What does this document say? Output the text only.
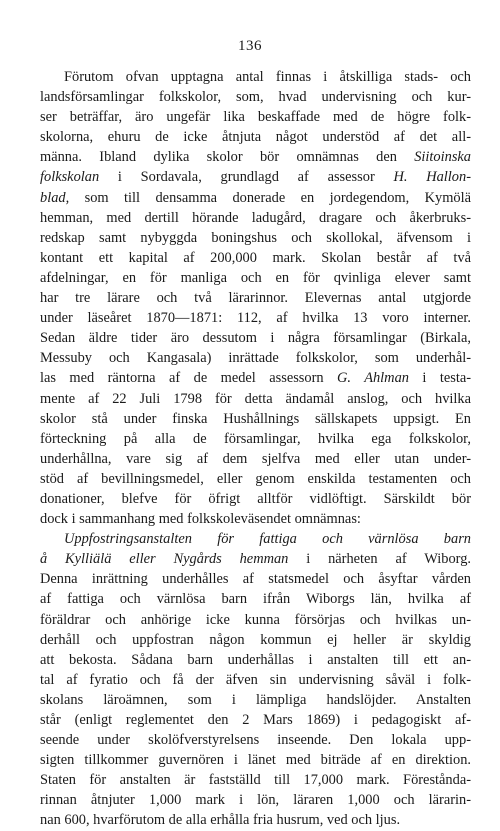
136
Förutom ofvan upptagna antal finnas i åtskilliga stads- och
landsförsamlingar folkskolor, som, hvad undervisning och kur-
ser beträffar, äro ungefär lika beskaffade med de högre folk-
skolorna, ehuru de icke åtnjuta något understöd af det all-
männa. Ibland dylika skolor bör omnämnas den Siitoinska
folkskolan i Sordavala, grundlagd af assessor H. Hallon-
blad, som till densamma donerade en jordegendom, Kymölä
hemman, med dertill hörande ladugård, dragare och åkerbruks-
redskap samt nybyggda boningshus och skollokal, äfvensom i
kontant ett kapital af 200,000 mark. Skolan består af två
afdelningar, en för manliga och en för qvinliga elever samt
har tre lärare och två lärarinnor. Elevernas antal utgjorde
under läseåret 1870—1871: 112, af hvilka 13 voro interner.
Sedan äldre tider äro dessutom i några församlingar (Birkala,
Messuby och Kangasala) inrättade folkskolor, som underhål-
las med räntorna af de medel assessorn G. Ahlman i testa-
mente af 22 Juli 1798 för detta ändamål anslog, och hvilka
skolor stå under finska Hushållnings sällskapets uppsigt. En
förteckning på alla de församlingar, hvilka ega folkskolor,
underhållna, vare sig af dem sjelfva med eller utan under-
stöd af bevillningsmedel, eller genom enskilda testamenten och
donationer, blefve för öfrigt alltför vidlöftigt. Särskildt bör
dock i sammanhang med folkskoleväsendet omnämnas:
Uppfostringsanstalten för fattiga och värnlösa barn
å Kylliälä eller Nygårds hemman i närheten af Wiborg.
Denna inrättning underhålles af statsmedel och åsyftar vården
af fattiga och värnlösa barn ifrån Wiborgs län, hvilka af
föräldrar och anhörige icke kunna försörjas och hvilkas un-
derhåll och uppfostran någon kommun ej heller är skyldig
att bekosta. Sådana barn underhållas i anstalten till ett an-
tal af fyratio och få der äfven sin undervisning såväl i folk-
skolans läroämnen, som i lämpliga handslöjder. Anstalten
står (enligt reglementet den 2 Mars 1869) i pedagogiskt af-
seende under skolöfverstyrelsens inseende. Den lokala upp-
sigten tillkommer guvernören i länet med biträde af en direktion.
Staten för anstalten är fastställd till 17,000 mark. Förestånda-
rinnan åtnjuter 1,000 mark i lön, läraren 1,000 och lärarin-
nan 600, hvarförutom de alla erhålla fria husrum, ved och ljus.
